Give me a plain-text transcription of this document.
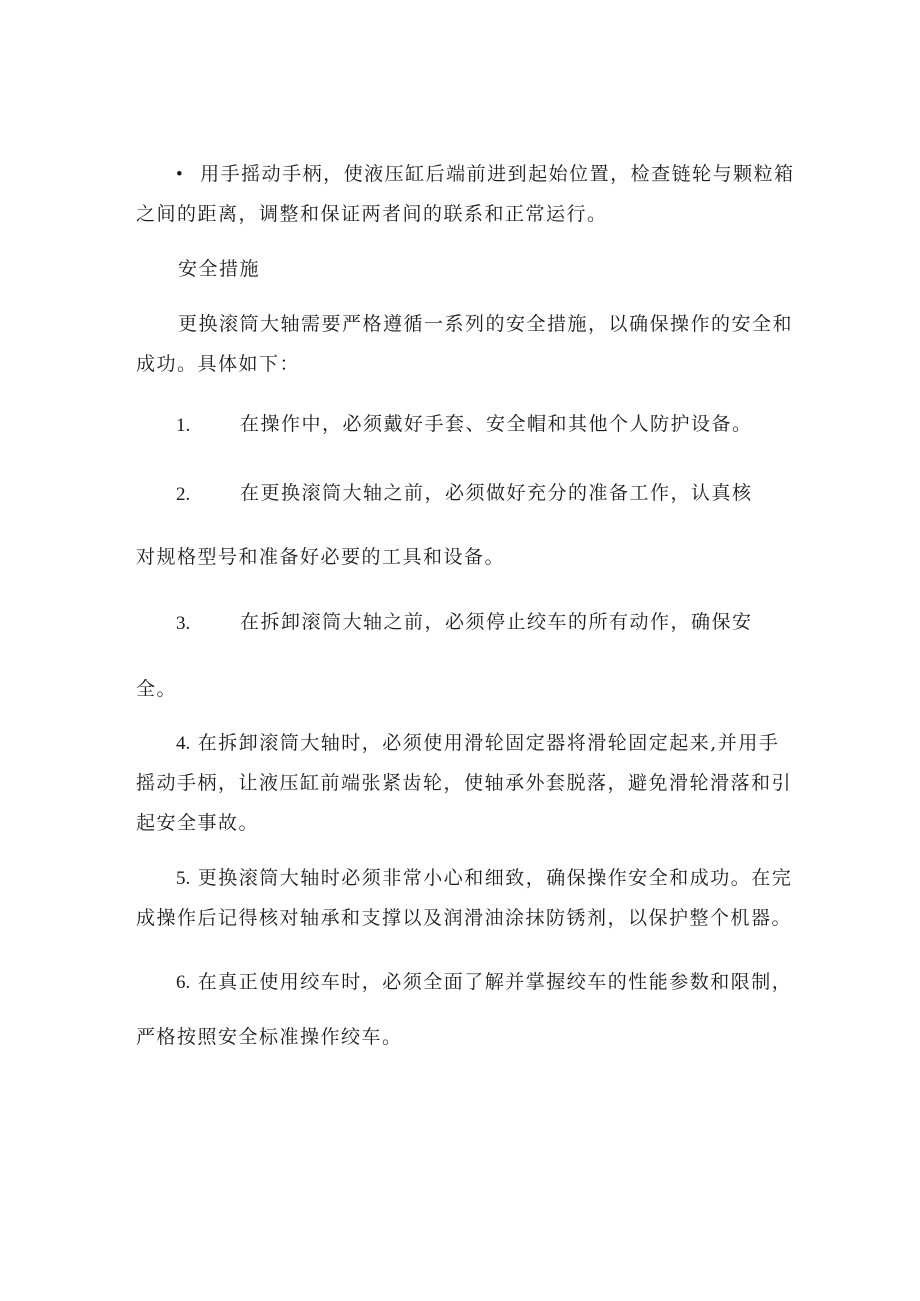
• 用手摇动手柄，使液压缸后端前进到起始位置，检查链轮与颗粒箱
之间的距离，调整和保证两者间的联系和正常运行。
安全措施
更换滚筒大轴需要严格遵循一系列的安全措施，以确保操作的安全和
成功。具体如下：
1.	在操作中，必须戴好手套、安全帽和其他个人防护设备。
2.	在更换滚筒大轴之前，必须做好充分的准备工作，认真核
对规格型号和准备好必要的工具和设备。
3.	在拆卸滚筒大轴之前，必须停止绞车的所有动作，确保安
全。
4. 在拆卸滚筒大轴时，必须使用滑轮固定器将滑轮固定起来,并用手
摇动手柄，让液压缸前端张紧齿轮，使轴承外套脱落，避免滑轮滑落和引
起安全事故。
5. 更换滚筒大轴时必须非常小心和细致，确保操作安全和成功。在完
成操作后记得核对轴承和支撑以及润滑油涂抹防锈剂，以保护整个机器。
6. 在真正使用绞车时，必须全面了解并掌握绞车的性能参数和限制，
严格按照安全标准操作绞车。
